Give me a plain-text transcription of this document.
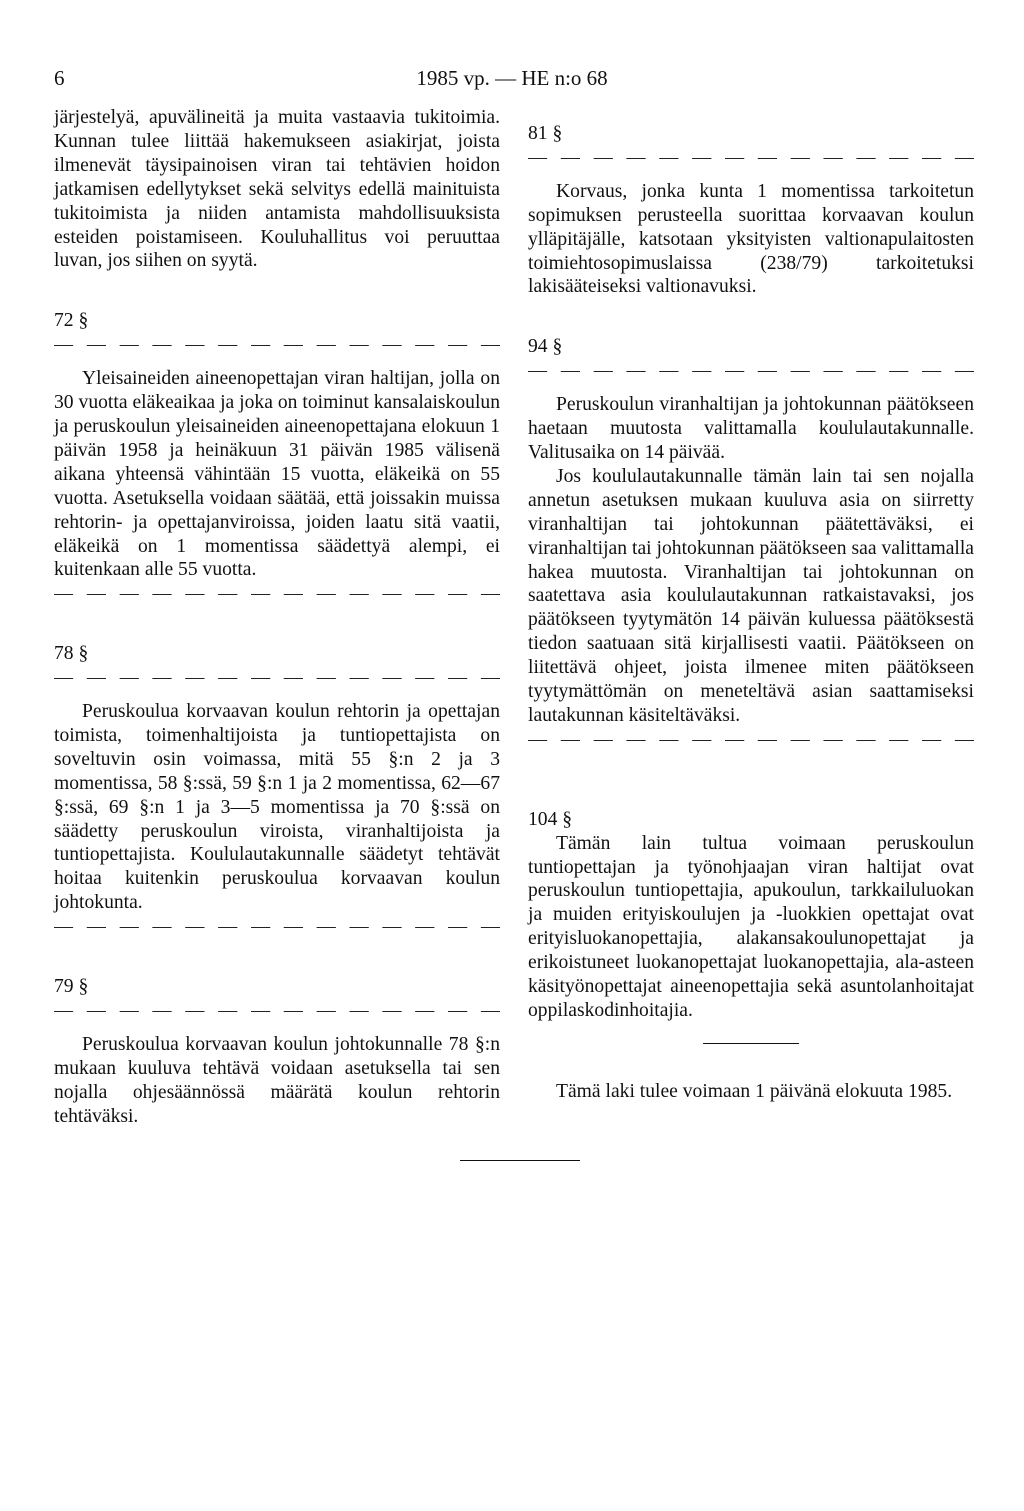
6	1985 vp. — HE n:o 68

järjestelyä, apuvälineitä ja muita vastaavia tukitoimia. Kunnan tulee liittää hakemukseen asiakirjat, joista ilmenevät täysipainoisen viran tai tehtävien hoidon jatkamisen edellytykset sekä selvitys edellä mainituista tukitoimista ja niiden antamista mahdollisuuksista esteiden poistamiseen. Kouluhallitus voi peruuttaa luvan, jos siihen on syytä.

72 §

— — — — — — — — — — — — — —

Yleisaineiden aineenopettajan viran haltijan, jolla on 30 vuotta eläkeaikaa ja joka on toiminut kansalaiskoulun ja peruskoulun yleisaineiden aineenopettajana elokuun 1 päivän 1958 ja heinäkuun 31 päivän 1985 välisenä aikana yhteensä vähintään 15 vuotta, eläkeikä on 55 vuotta. Asetuksella voidaan säätää, että joissakin muissa rehtorin- ja opettajanviroissa, joiden laatu sitä vaatii, eläkeikä on 1 momentissa säädettyä alempi, ei kuitenkaan alle 55 vuotta.

— — — — — — — — — — — — — —

78 §

— — — — — — — — — — — — — —

Peruskoulua korvaavan koulun rehtorin ja opettajan toimista, toimenhaltijoista ja tuntiopettajista on soveltuvin osin voimassa, mitä 55 §:n 2 ja 3 momentissa, 58 §:ssä, 59 §:n 1 ja 2 momentissa, 62—67 §:ssä, 69 §:n 1 ja 3—5 momentissa ja 70 §:ssä on säädetty peruskoulun viroista, viranhaltijoista ja tuntiopettajista. Koululautakunnalle säädetyt tehtävät hoitaa kuitenkin peruskoulua korvaavan koulun johtokunta.

— — — — — — — — — — — — — —

79 §

— — — — — — — — — — — — — —

Peruskoulua korvaavan koulun johtokunnalle 78 §:n mukaan kuuluva tehtävä voidaan asetuksella tai sen nojalla ohjesäännössä määrätä koulun rehtorin tehtäväksi.

81 §

— — — — — — — — — — — — — —

Korvaus, jonka kunta 1 momentissa tarkoitetun sopimuksen perusteella suorittaa korvaavan koulun ylläpitäjälle, katsotaan yksityisten valtionapulaitosten toimiehtosopimuslaissa (238/79) tarkoitetuksi lakisääteiseksi valtionavuksi.

94 §

— — — — — — — — — — — — — —

Peruskoulun viranhaltijan ja johtokunnan päätökseen haetaan muutosta valittamalla koululautakunnalle. Valitusaika on 14 päivää.

Jos koululautakunnalle tämän lain tai sen nojalla annetun asetuksen mukaan kuuluva asia on siirretty viranhaltijan tai johtokunnan päätettäväksi, ei viranhaltijan tai johtokunnan päätökseen saa valittamalla hakea muutosta. Viranhaltijan tai johtokunnan on saatettava asia koululautakunnan ratkaistavaksi, jos päätökseen tyytymätön 14 päivän kuluessa päätöksestä tiedon saatuaan sitä kirjallisesti vaatii. Päätökseen on liitettävä ohjeet, joista ilmenee miten päätökseen tyytymättömän on meneteltävä asian saattamiseksi lautakunnan käsiteltäväksi.

— — — — — — — — — — — — — —

104 §

Tämän lain tultua voimaan peruskoulun tuntiopettajan ja työnohjaajan viran haltijat ovat peruskoulun tuntiopettajia, apukoulun, tarkkailuluokan ja muiden erityiskoulujen ja -luokkien opettajat ovat erityisluokanopettajia, alakansakoulunopettajat ja erikoistuneet luokanopettajat luokanopettajia, ala-asteen käsityönopettajat aineenopettajia sekä asuntolanhoitajat oppilaskodinhoitajia.

Tämä laki tulee voimaan 1 päivänä elokuuta 1985.
